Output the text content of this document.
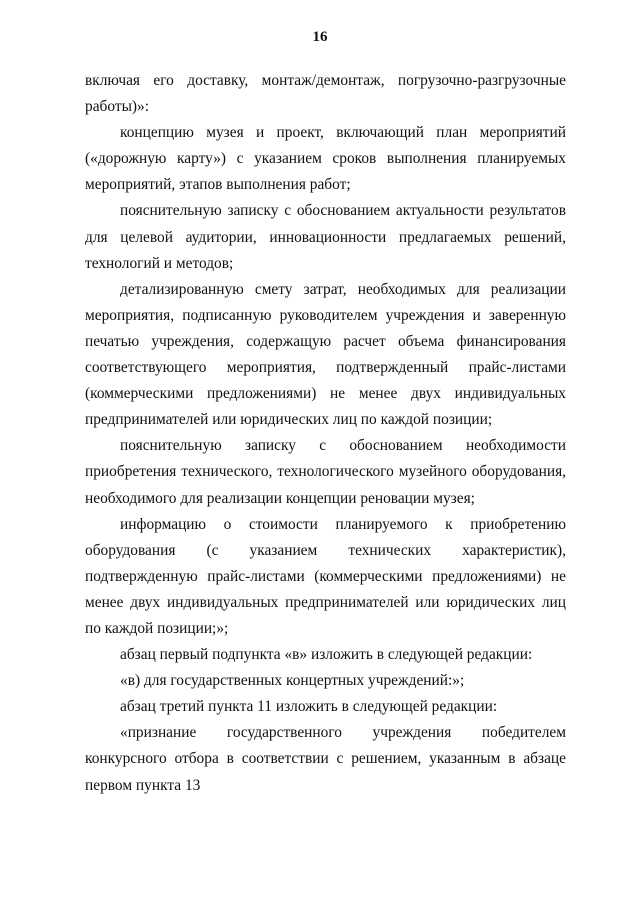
16

включая его доставку, монтаж/демонтаж, погрузочно-разгрузочные работы)»:

концепцию музея и проект, включающий план мероприятий («дорожную карту») с указанием сроков выполнения планируемых мероприятий, этапов выполнения работ;

пояснительную записку с обоснованием актуальности результатов для целевой аудитории, инновационности предлагаемых решений, технологий и методов;

детализированную смету затрат, необходимых для реализации мероприятия, подписанную руководителем учреждения и заверенную печатью учреждения, содержащую расчет объема финансирования соответствующего мероприятия, подтвержденный прайс-листами (коммерческими предложениями) не менее двух индивидуальных предпринимателей или юридических лиц по каждой позиции;

пояснительную записку с обоснованием необходимости приобретения технического, технологического музейного оборудования, необходимого для реализации концепции реновации музея;

информацию о стоимости планируемого к приобретению оборудования (с указанием технических характеристик), подтвержденную прайс-листами (коммерческими предложениями) не менее двух индивидуальных предпринимателей или юридических лиц по каждой позиции;»;

абзац первый подпункта «в» изложить в следующей редакции:

«в) для государственных концертных учреждений:»;

абзац третий пункта 11 изложить в следующей редакции:

«признание государственного учреждения победителем конкурсного отбора в соответствии с решением, указанным в абзаце первом пункта 13
